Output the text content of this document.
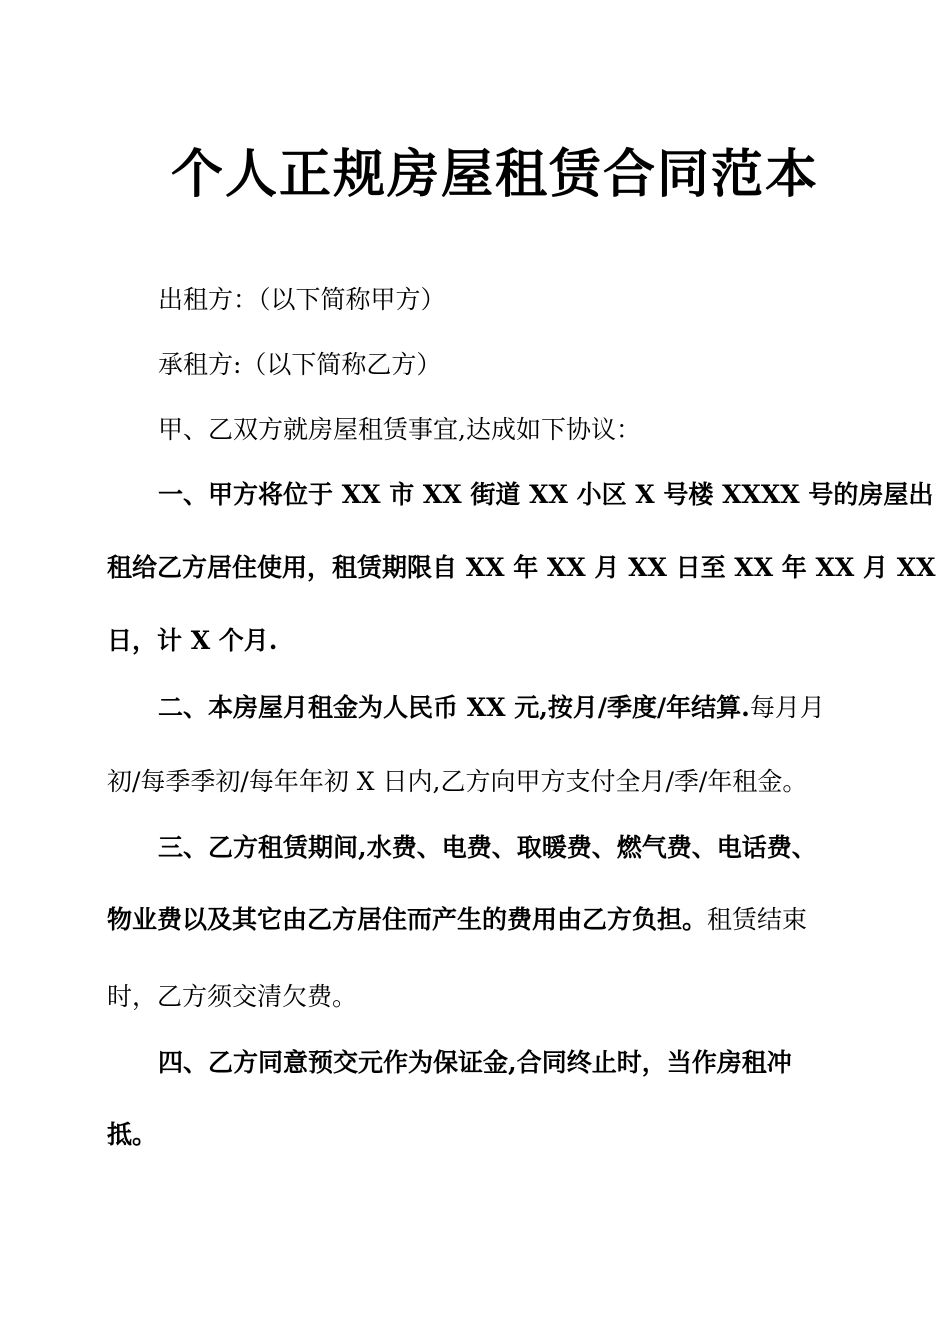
个人正规房屋租赁合同范本
出租方：（以下简称甲方）
承租方:（以下简称乙方）
甲、乙双方就房屋租赁事宜,达成如下协议：
一、甲方将位于 XX 市 XX 街道 XX 小区 X 号楼 XXXX 号的房屋出
租给乙方居住使用，租赁期限自 XX 年 XX 月 XX 日至 XX 年 XX 月 XX
日，计 X 个月.
二、本房屋月租金为人民币 XX 元,按月/季度/年结算.每月月
初/每季季初/每年年初 X 日内,乙方向甲方支付全月/季/年租金。
三、乙方租赁期间,水费、电费、取暖费、燃气费、电话费、
物业费以及其它由乙方居住而产生的费用由乙方负担。租赁结束
时，乙方须交清欠费。
四、乙方同意预交元作为保证金,合同终止时，当作房租冲
抵。
